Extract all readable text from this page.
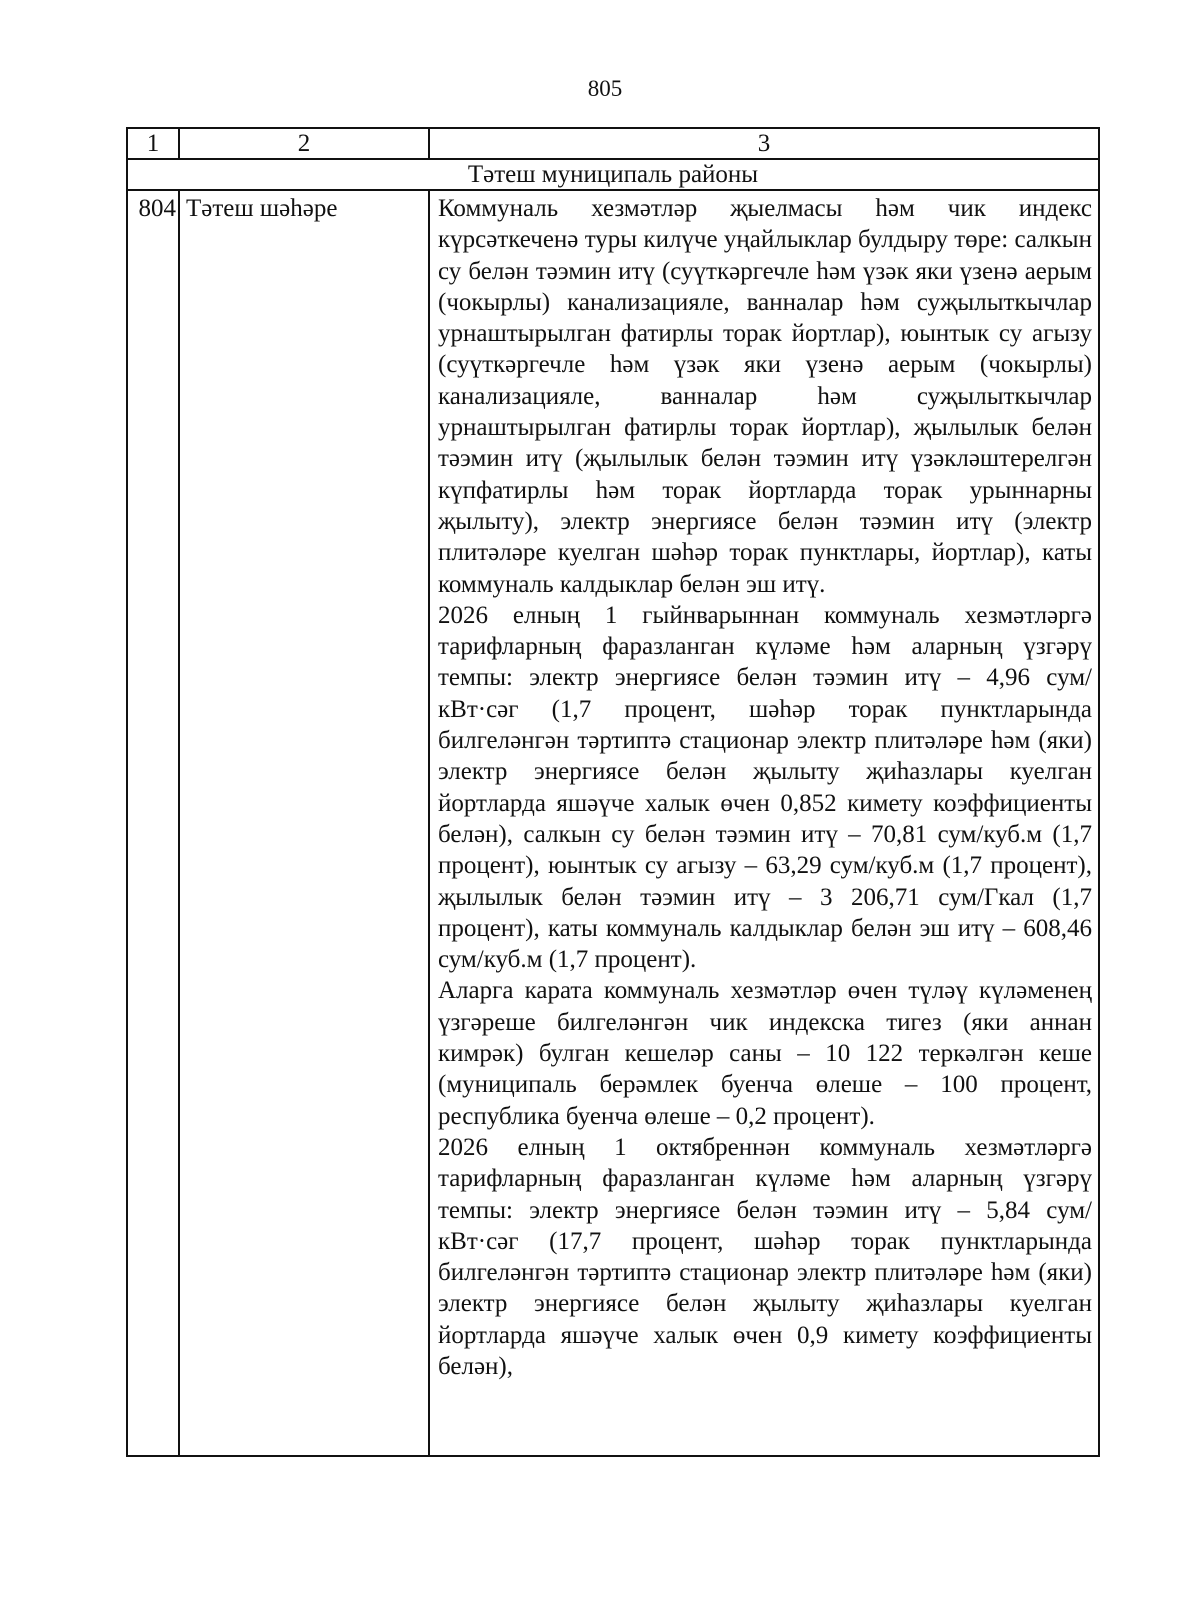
805
1	2	3
Тәтеш муниципаль районы		
804	Тәтеш шәһәре	Коммуналь хезмәтләр җыелмасы һәм чик индекс күрсәткеченә туры килүче уңайлыклар булдыру төре: салкын су белән тәэмин итү (суүткәргечле һәм үзәк яки үзенә аерым (чокырлы) канализацияле, ванналар һәм суҗылыткычлар урнаштырылган фатирлы торак йортлар), юынтык су агызу (суүткәргечле һәм үзәк яки үзенә аерым (чокырлы) канализацияле, ванналар һәм суҗылыткычлар урнаштырылган фатирлы торак йортлар), җылылык белән тәэмин итү (җылылык белән тәэмин итү үзәкләштерелгән күпфатирлы һәм торак йортларда торак урыннарны җылыту), электр энергиясе белән тәэмин итү (электр плитәләре куелган шәһәр торак пунктлары, йортлар), каты коммуналь калдыклар белән эш итү.

2026 елның 1 гыйнварыннан коммуналь хезмәтләргә тарифларның фаразланган күләме һәм аларның үзгәрү темпы: электр энергиясе белән тәэмин итү – 4,96 сум/кВт·сәг (1,7 процент, шәһәр торак пунктларында билгеләнгән тәртиптә стационар электр плитәләре һәм (яки) электр энергиясе белән җылыту җиһазлары куелган йортларда яшәүче халык өчен 0,852 кимету коэффициенты белән), салкын су белән тәэмин итү – 70,81 сум/куб.м (1,7 процент), юынтык су агызу – 63,29 сум/куб.м (1,7 процент), җылылык белән тәэмин итү – 3 206,71 сум/Гкал (1,7 процент), каты коммуналь калдыклар белән эш итү – 608,46 сум/куб.м (1,7 процент).

Аларга карата коммуналь хезмәтләр өчен түләү күләменең үзгәреше билгеләнгән чик индекска тигез (яки аннан кимрәк) булган кешеләр саны – 10 122 теркәлгән кеше (муниципаль берәмлек буенча өлеше – 100 процент, республика буенча өлеше – 0,2 процент).

2026 елның 1 октябреннән коммуналь хезмәтләргә тарифларның фаразланган күләме һәм аларның үзгәрү темпы: электр энергиясе белән тәэмин итү – 5,84 сум/кВт·сәг (17,7 процент, шәһәр торак пунктларында билгеләнгән тәртиптә стационар электр плитәләре һәм (яки) электр энергиясе белән җылыту җиһазлары куелган йортларда яшәүче халык өчен 0,9 кимету коэффициенты белән),
